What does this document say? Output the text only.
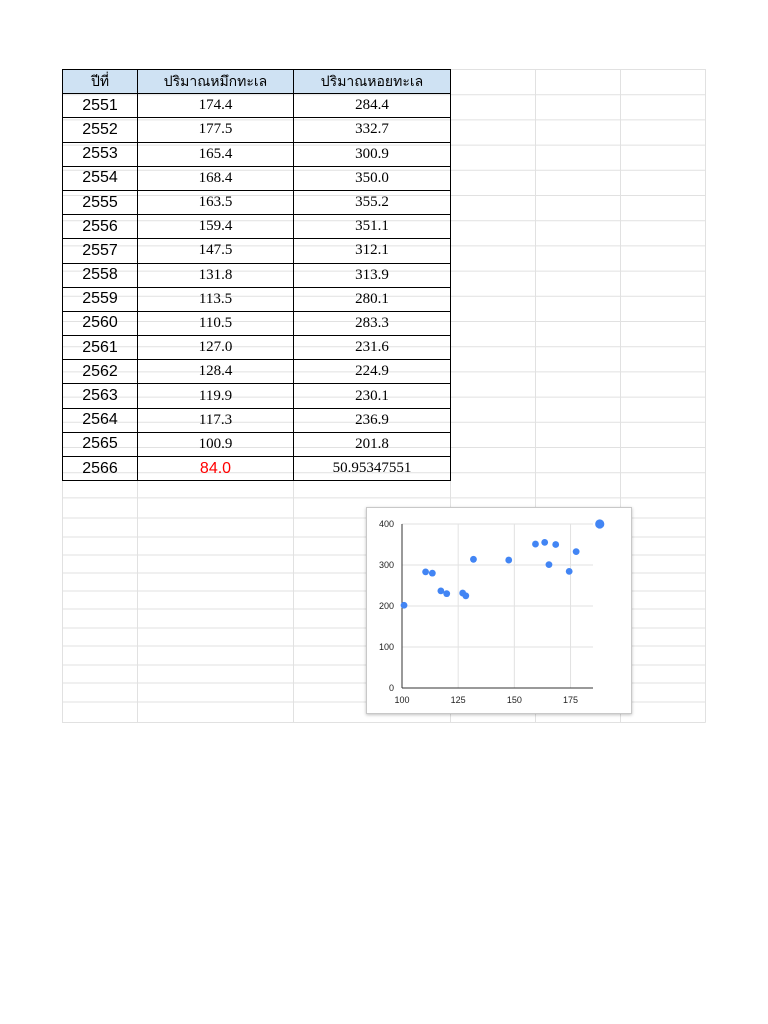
ปีที่	ปริมาณหมึกทะเล	ปริมาณหอยทะเล
2551	174.4	284.4
2552	177.5	332.7
2553	165.4	300.9
2554	168.4	350.0
2555	163.5	355.2
2556	159.4	351.1
2557	147.5	312.1
2558	131.8	313.9
2559	113.5	280.1
2560	110.5	283.3
2561	127.0	231.6
2562	128.4	224.9
2563	119.9	230.1
2564	117.3	236.9
2565	100.9	201.8
2566	84.0	50.95347551
0
100
200
300
400
100	125	150	175
